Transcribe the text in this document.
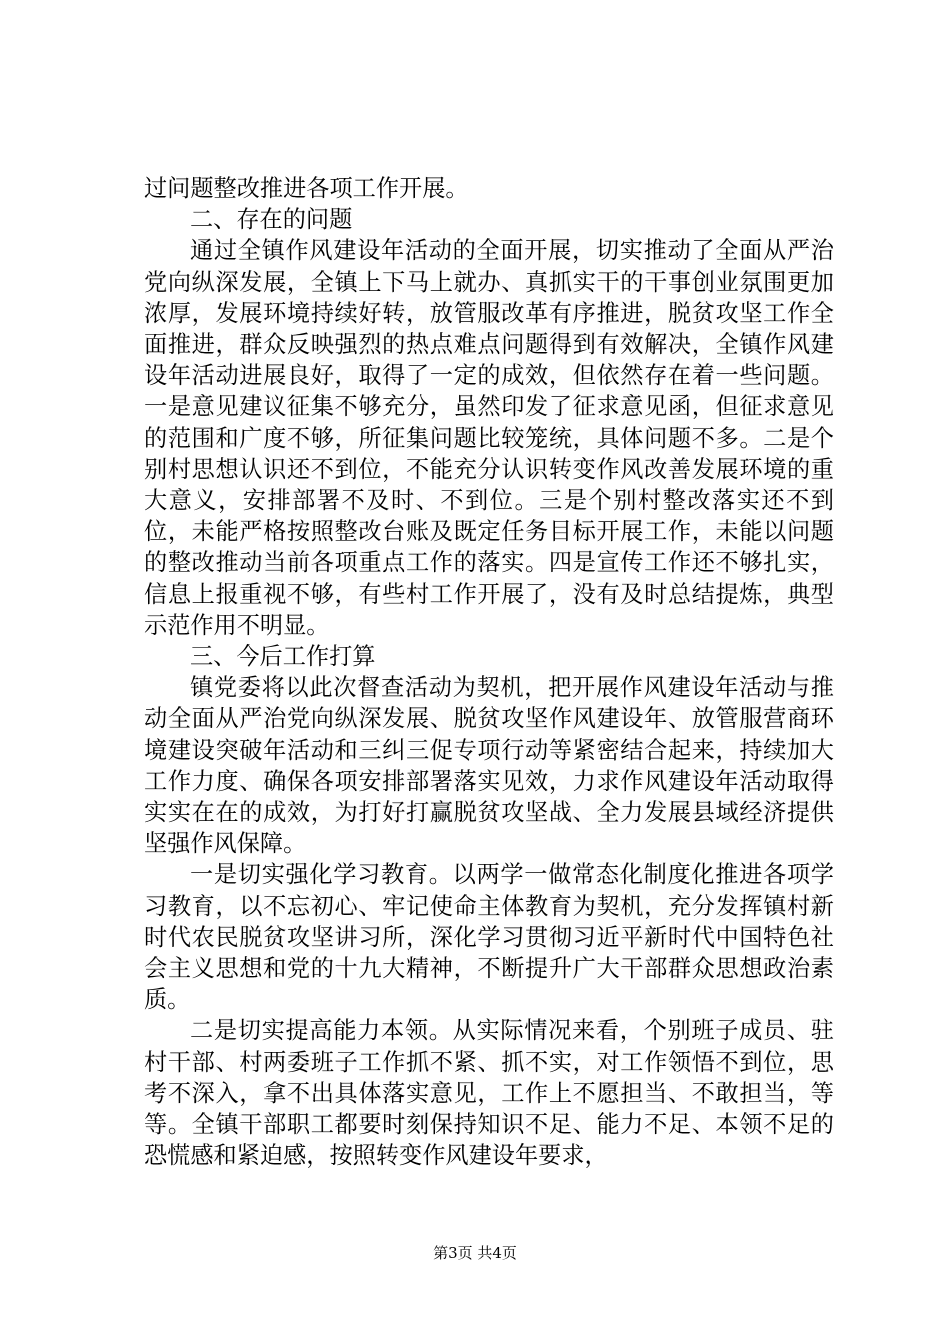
过问题整改推进各项工作开展。

二、存在的问题

通过全镇作风建设年活动的全面开展，切实推动了全面从严治党向纵深发展，全镇上下马上就办、真抓实干的干事创业氛围更加浓厚，发展环境持续好转，放管服改革有序推进，脱贫攻坚工作全面推进，群众反映强烈的热点难点问题得到有效解决，全镇作风建设年活动进展良好，取得了一定的成效，但依然存在着一些问题。一是意见建议征集不够充分，虽然印发了征求意见函，但征求意见的范围和广度不够，所征集问题比较笼统，具体问题不多。二是个别村思想认识还不到位，不能充分认识转变作风改善发展环境的重大意义，安排部署不及时、不到位。三是个别村整改落实还不到位，未能严格按照整改台账及既定任务目标开展工作，未能以问题的整改推动当前各项重点工作的落实。四是宣传工作还不够扎实，信息上报重视不够，有些村工作开展了，没有及时总结提炼，典型示范作用不明显。

三、今后工作打算

镇党委将以此次督查活动为契机，把开展作风建设年活动与推动全面从严治党向纵深发展、脱贫攻坚作风建设年、放管服营商环境建设突破年活动和三纠三促专项行动等紧密结合起来，持续加大工作力度、确保各项安排部署落实见效，力求作风建设年活动取得实实在在的成效，为打好打赢脱贫攻坚战、全力发展县域经济提供坚强作风保障。

一是切实强化学习教育。以两学一做常态化制度化推进各项学习教育，以不忘初心、牢记使命主体教育为契机，充分发挥镇村新时代农民脱贫攻坚讲习所，深化学习贯彻习近平新时代中国特色社会主义思想和党的十九大精神，不断提升广大干部群众思想政治素质。

二是切实提高能力本领。从实际情况来看，个别班子成员、驻村干部、村两委班子工作抓不紧、抓不实，对工作领悟不到位，思考不深入，拿不出具体落实意见，工作上不愿担当、不敢担当，等等。全镇干部职工都要时刻保持知识不足、能力不足、本领不足的恐慌感和紧迫感，按照转变作风建设年要求，

第3页 共4页
